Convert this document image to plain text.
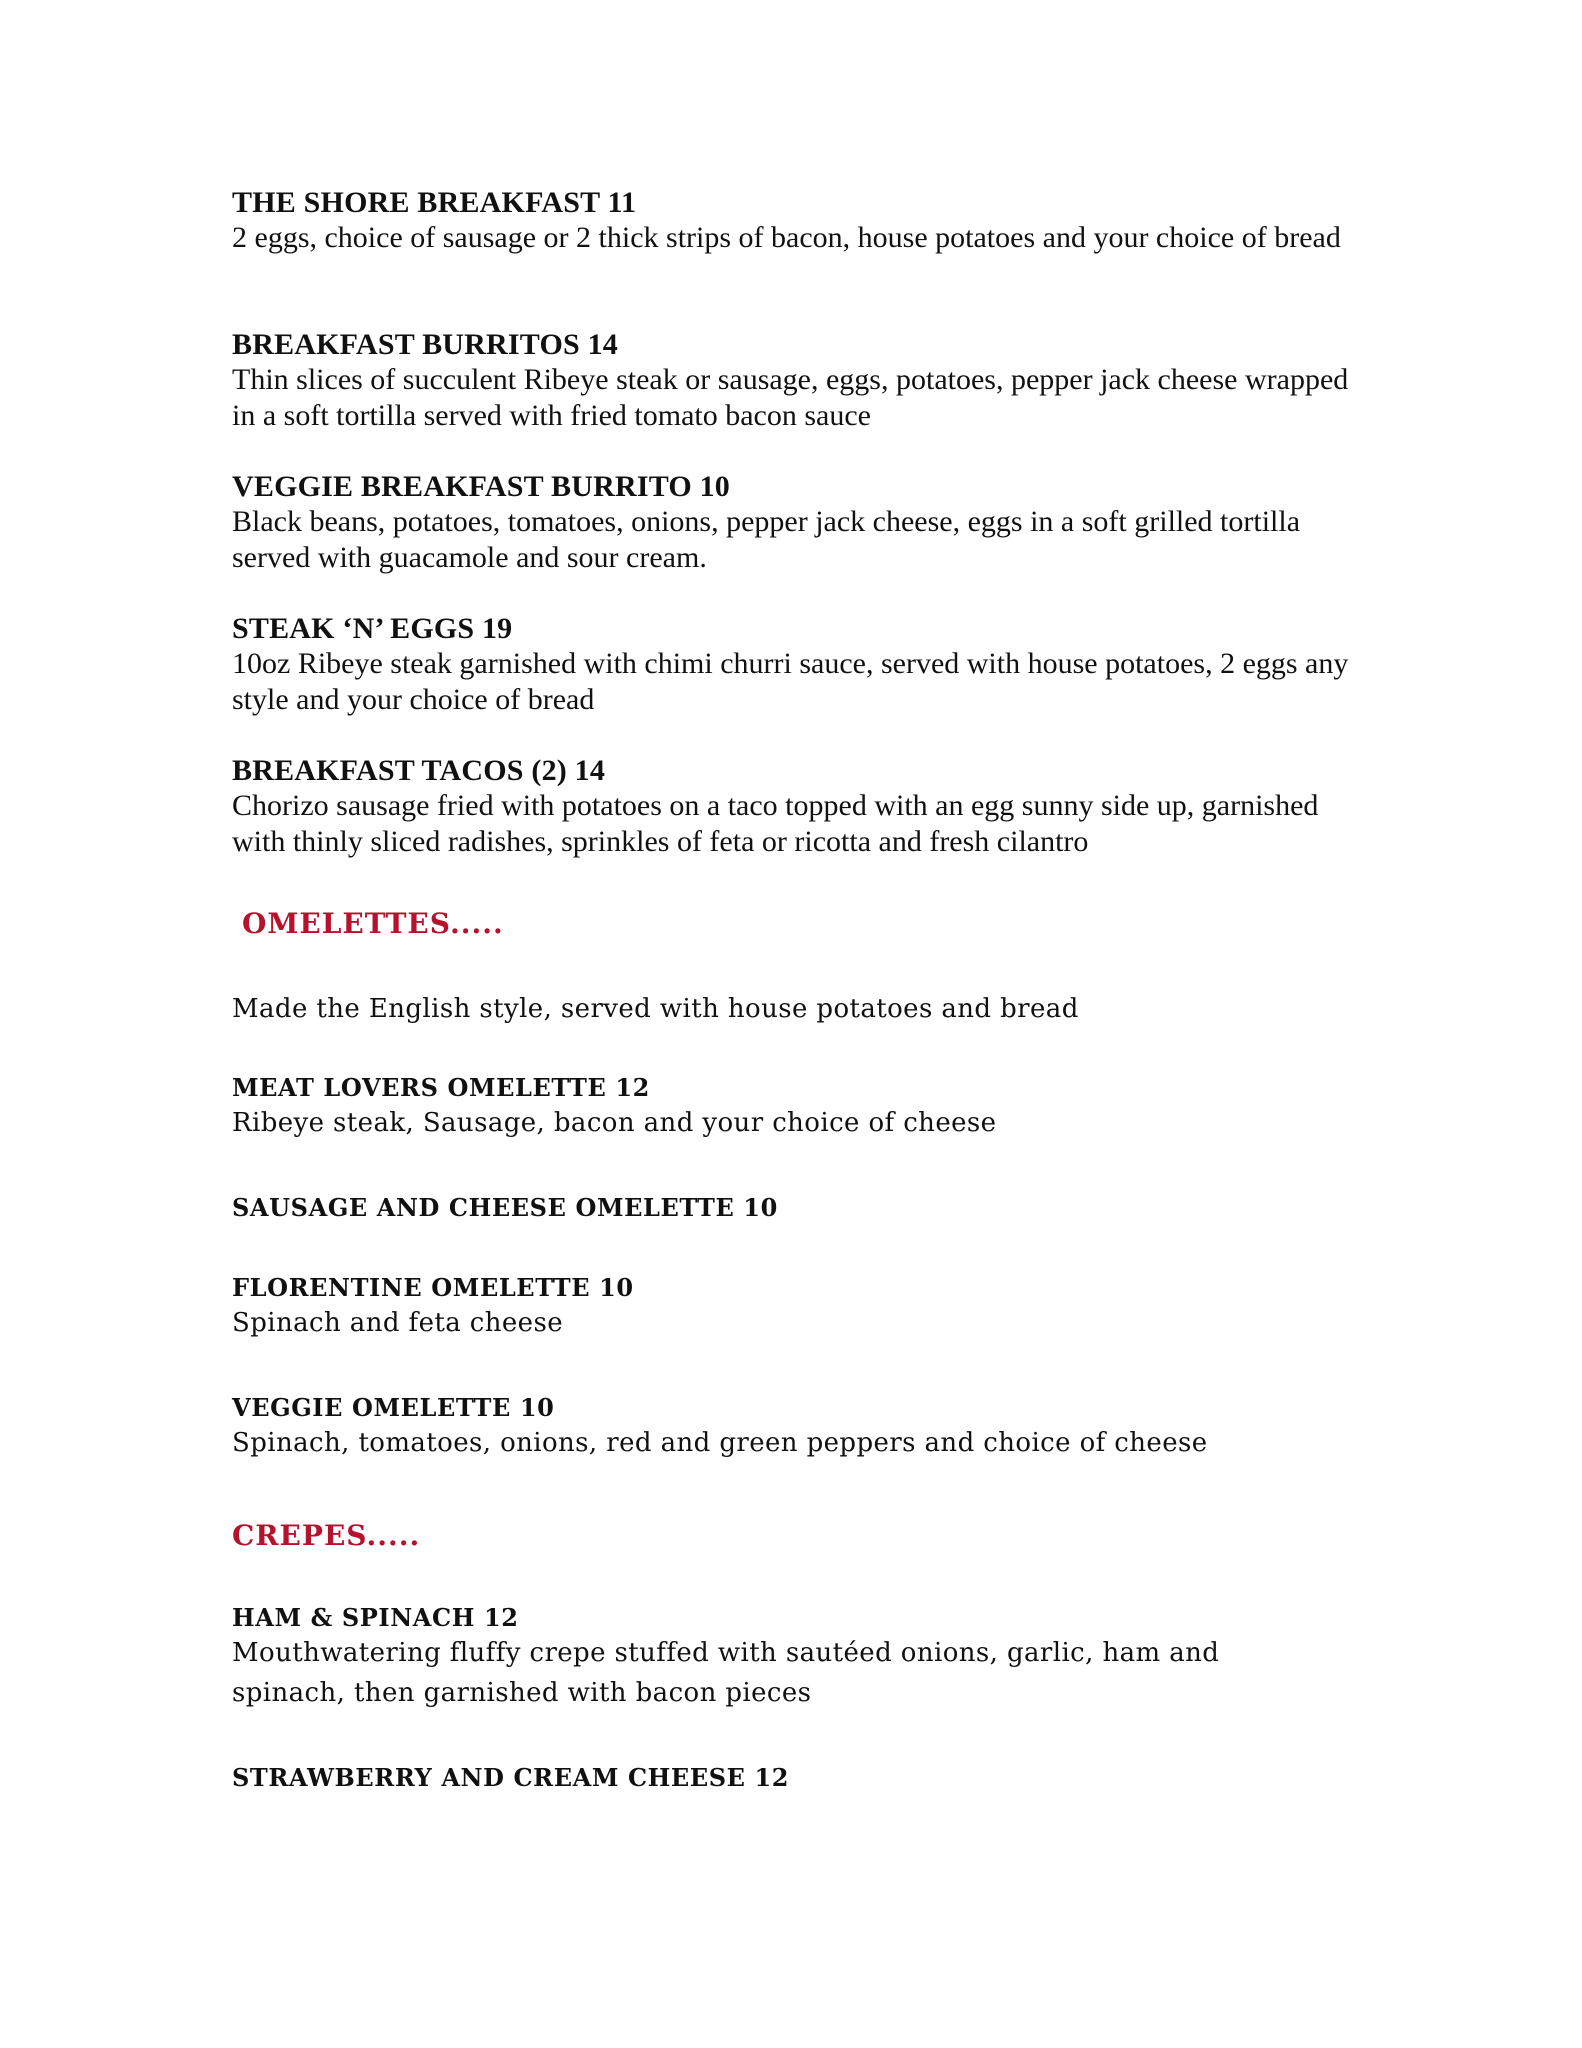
THE SHORE BREAKFAST 11
2 eggs, choice of sausage or 2 thick strips of bacon, house potatoes and your choice of bread
BREAKFAST BURRITOS 14
Thin slices of succulent Ribeye steak or sausage, eggs, potatoes, pepper jack cheese wrapped in a soft tortilla served with fried tomato bacon sauce
VEGGIE BREAKFAST BURRITO 10
Black beans, potatoes, tomatoes, onions, pepper jack cheese, eggs in a soft grilled tortilla served with guacamole and sour cream.
STEAK ‘N’ EGGS 19
10oz Ribeye steak garnished with chimi churri sauce, served with house potatoes, 2 eggs any style and your choice of bread
BREAKFAST TACOS (2) 14
Chorizo sausage fried with potatoes on a taco topped with an egg sunny side up, garnished with thinly sliced radishes, sprinkles of feta or ricotta and fresh cilantro
OMELETTES.....
Made the English style, served with house potatoes and bread
MEAT LOVERS OMELETTE 12
Ribeye steak, Sausage, bacon and your choice of cheese
SAUSAGE AND CHEESE OMELETTE 10
FLORENTINE OMELETTE 10
Spinach and feta cheese
VEGGIE OMELETTE 10
Spinach, tomatoes, onions, red and green peppers and choice of cheese
CREPES.....
HAM & SPINACH 12
Mouthwatering fluffy crepe stuffed with sautéed onions, garlic, ham and spinach, then garnished with bacon pieces
STRAWBERRY AND CREAM CHEESE 12
